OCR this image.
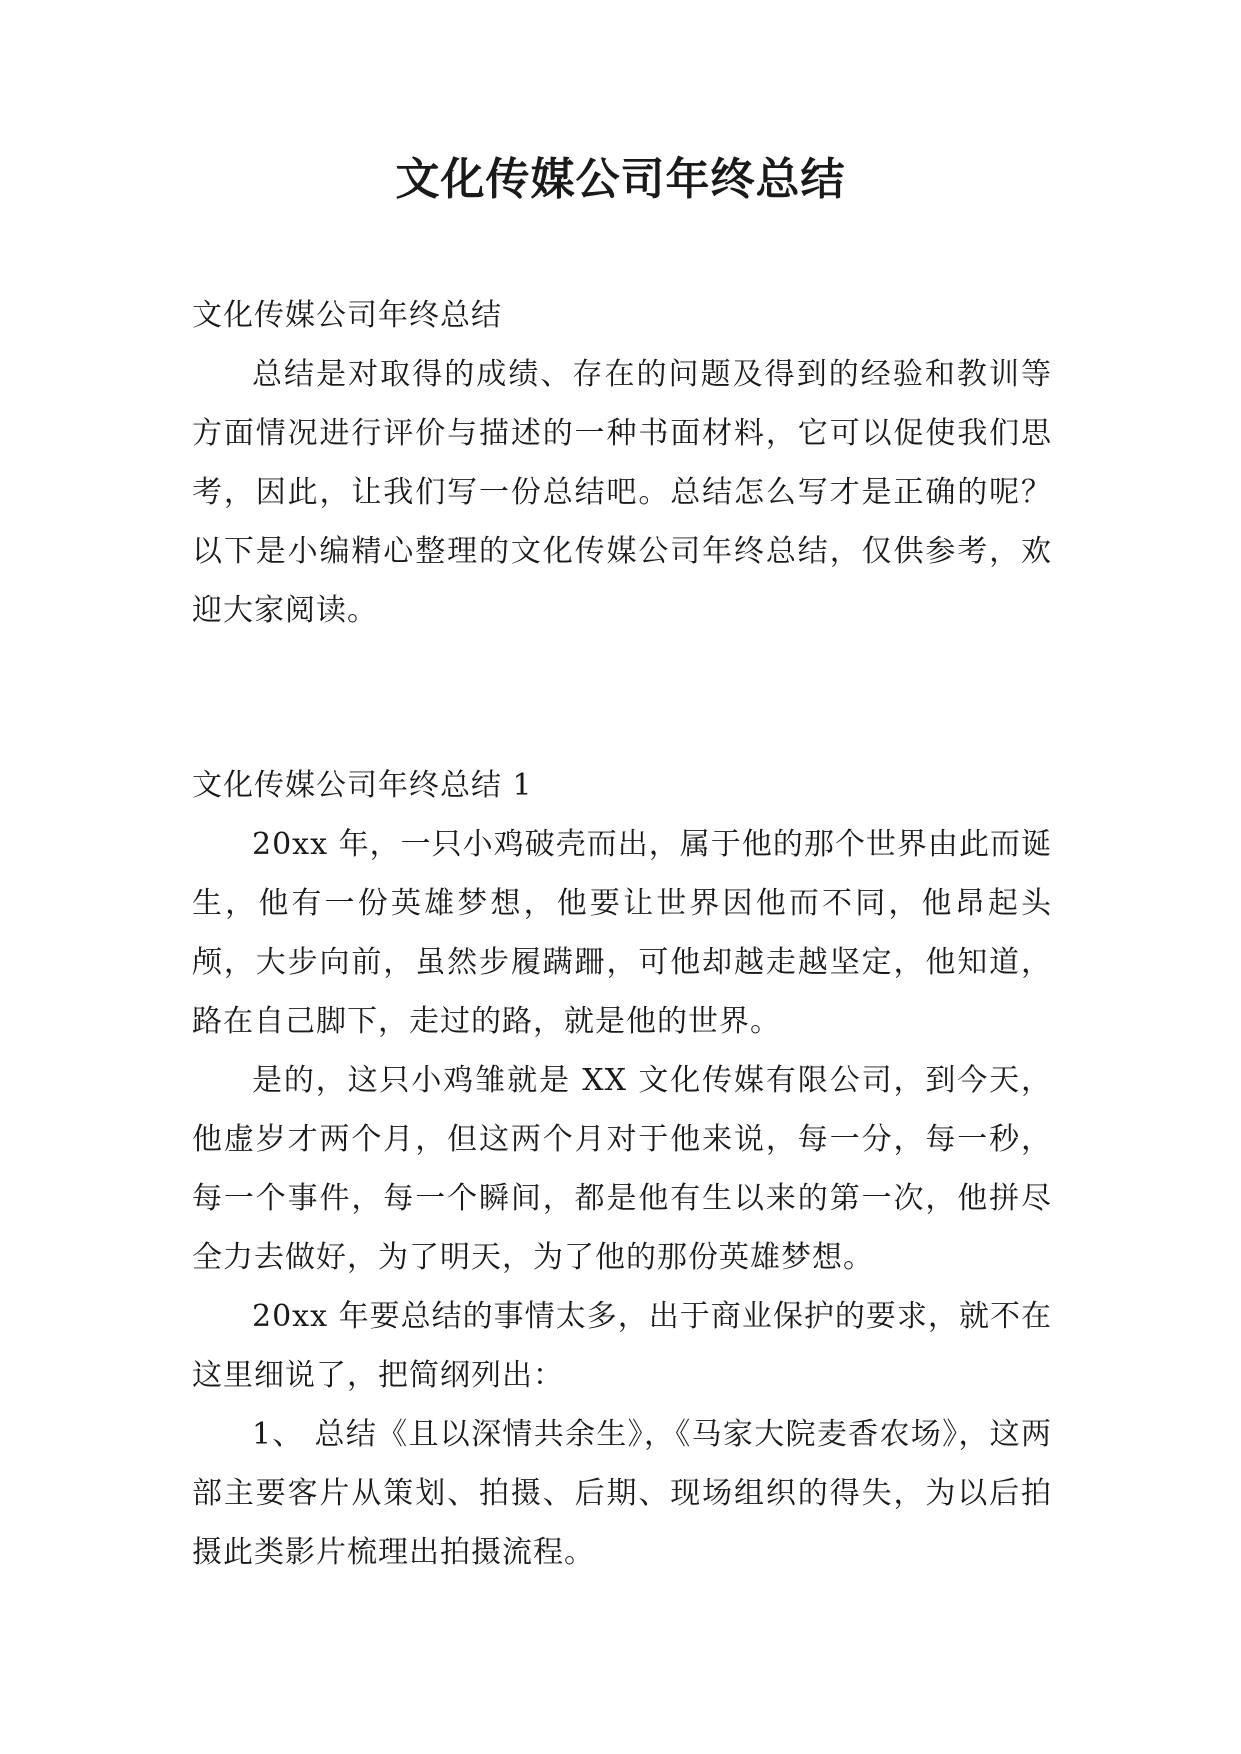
文化传媒公司年终总结

文化传媒公司年终总结

总结是对取得的成绩、存在的问题及得到的经验和教训等方面情况进行评价与描述的一种书面材料，它可以促使我们思考，因此，让我们写一份总结吧。总结怎么写才是正确的呢？以下是小编精心整理的文化传媒公司年终总结，仅供参考，欢迎大家阅读。

文化传媒公司年终总结 1

20xx 年，一只小鸡破壳而出，属于他的那个世界由此而诞生，他有一份英雄梦想，他要让世界因他而不同，他昂起头颅，大步向前，虽然步履蹒跚，可他却越走越坚定，他知道，路在自己脚下，走过的路，就是他的世界。

是的，这只小鸡雏就是 XX 文化传媒有限公司，到今天，他虚岁才两个月，但这两个月对于他来说，每一分，每一秒，每一个事件，每一个瞬间，都是他有生以来的第一次，他拼尽全力去做好，为了明天，为了他的那份英雄梦想。

20xx 年要总结的事情太多，出于商业保护的要求，就不在这里细说了，把简纲列出：

1、 总结《且以深情共余生》，《马家大院麦香农场》，这两部主要客片从策划、拍摄、后期、现场组织的得失，为以后拍摄此类影片梳理出拍摄流程。
